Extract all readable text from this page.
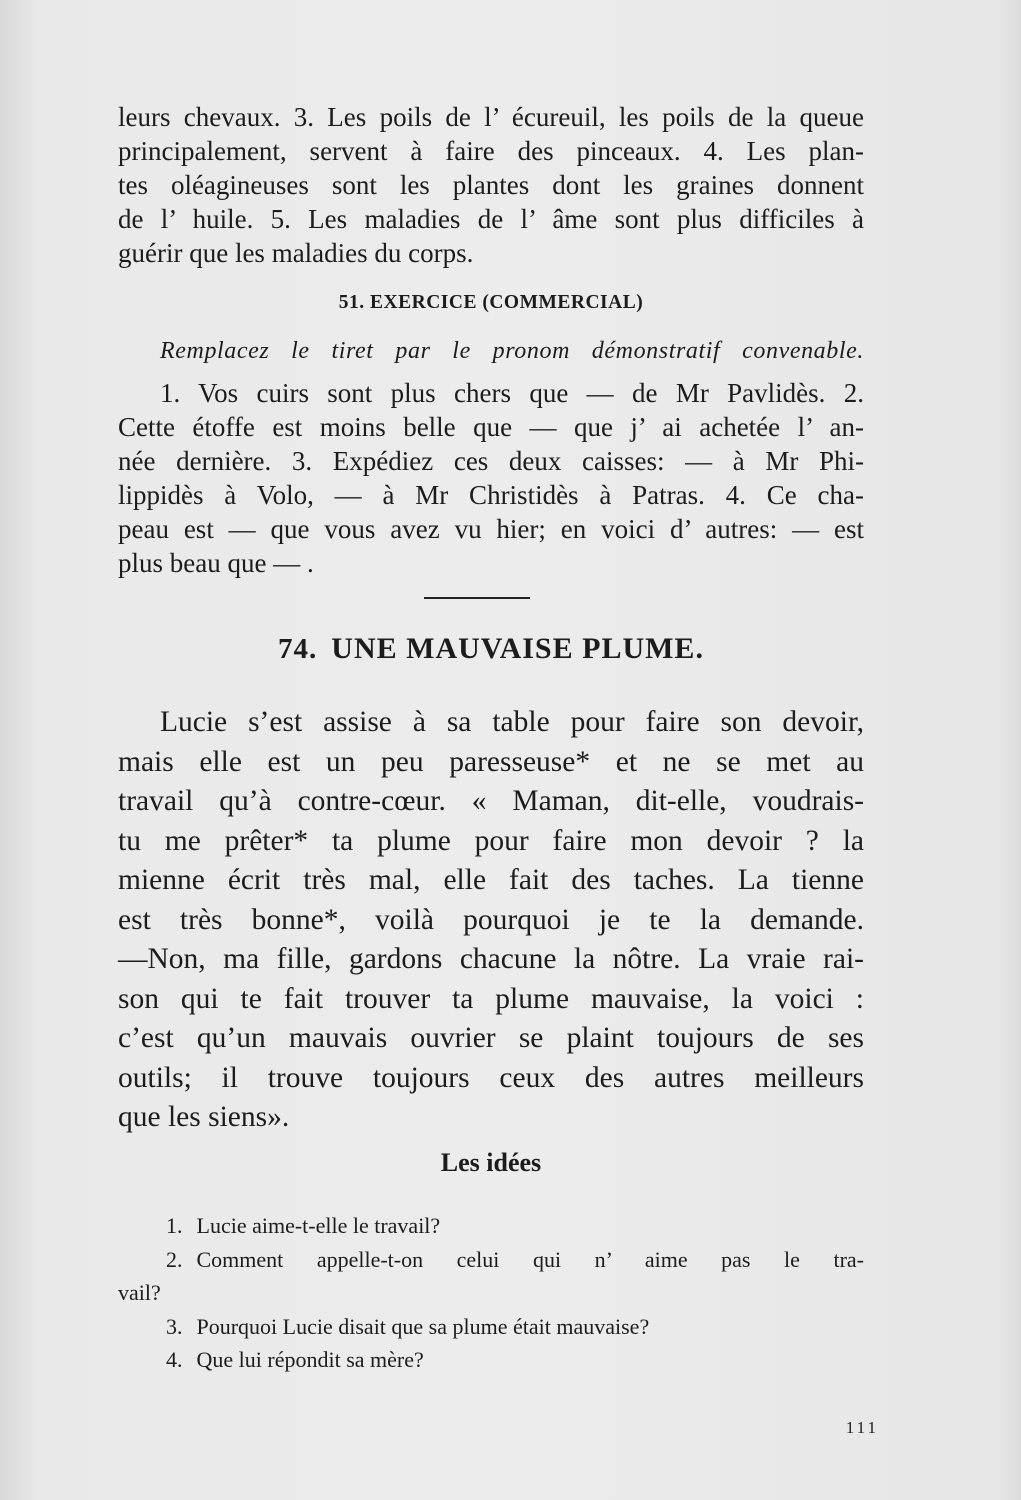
leurs chevaux. 3. Les poils de l’ écureuil, les poils de la queue
principalement, servent à faire des pinceaux. 4. Les plan-
tes oléagineuses sont les plantes dont les graines donnent
de l’ huile. 5. Les maladies de l’ âme sont plus difficiles à
guérir que les maladies du corps.

51. EXERCICE (COMMERCIAL)
Remplacez le tiret par le pronom démonstratif convenable.

1. Vos cuirs sont plus chers que — de Mr Pavlidès. 2.
Cette étoffe est moins belle que — que j’ ai achetée l’ an-
née dernière. 3. Expédiez ces deux caisses: — à Mr Phi-
lippidès à Volo, — à Mr Christidès à Patras. 4. Ce cha-
peau est — que vous avez vu hier; en voici d’ autres: — est
plus beau que — .

74. UNE MAUVAISE PLUME.

Lucie s’est assise à sa table pour faire son devoir,
mais elle est un peu paresseuse* et ne se met au
travail qu’à contre-cœur. « Maman, dit-elle, voudrais-
tu me prêter* ta plume pour faire mon devoir ? la
mienne écrit très mal, elle fait des taches. La tienne
est très bonne*, voilà pourquoi je te la demande.
—Non, ma fille, gardons chacune la nôtre. La vraie rai-
son qui te fait trouver ta plume mauvaise, la voici :
c’est qu’un mauvais ouvrier se plaint toujours de ses
outils; il trouve toujours ceux des autres meilleurs
que les siens».

Les idées

1. Lucie aime-t-elle le travail?

2. Comment appelle-t-on celui qui n’ aime pas le tra-
vail?

3. Pourquoi Lucie disait que sa plume était mauvaise?

4. Que lui répondit sa mère?

111
